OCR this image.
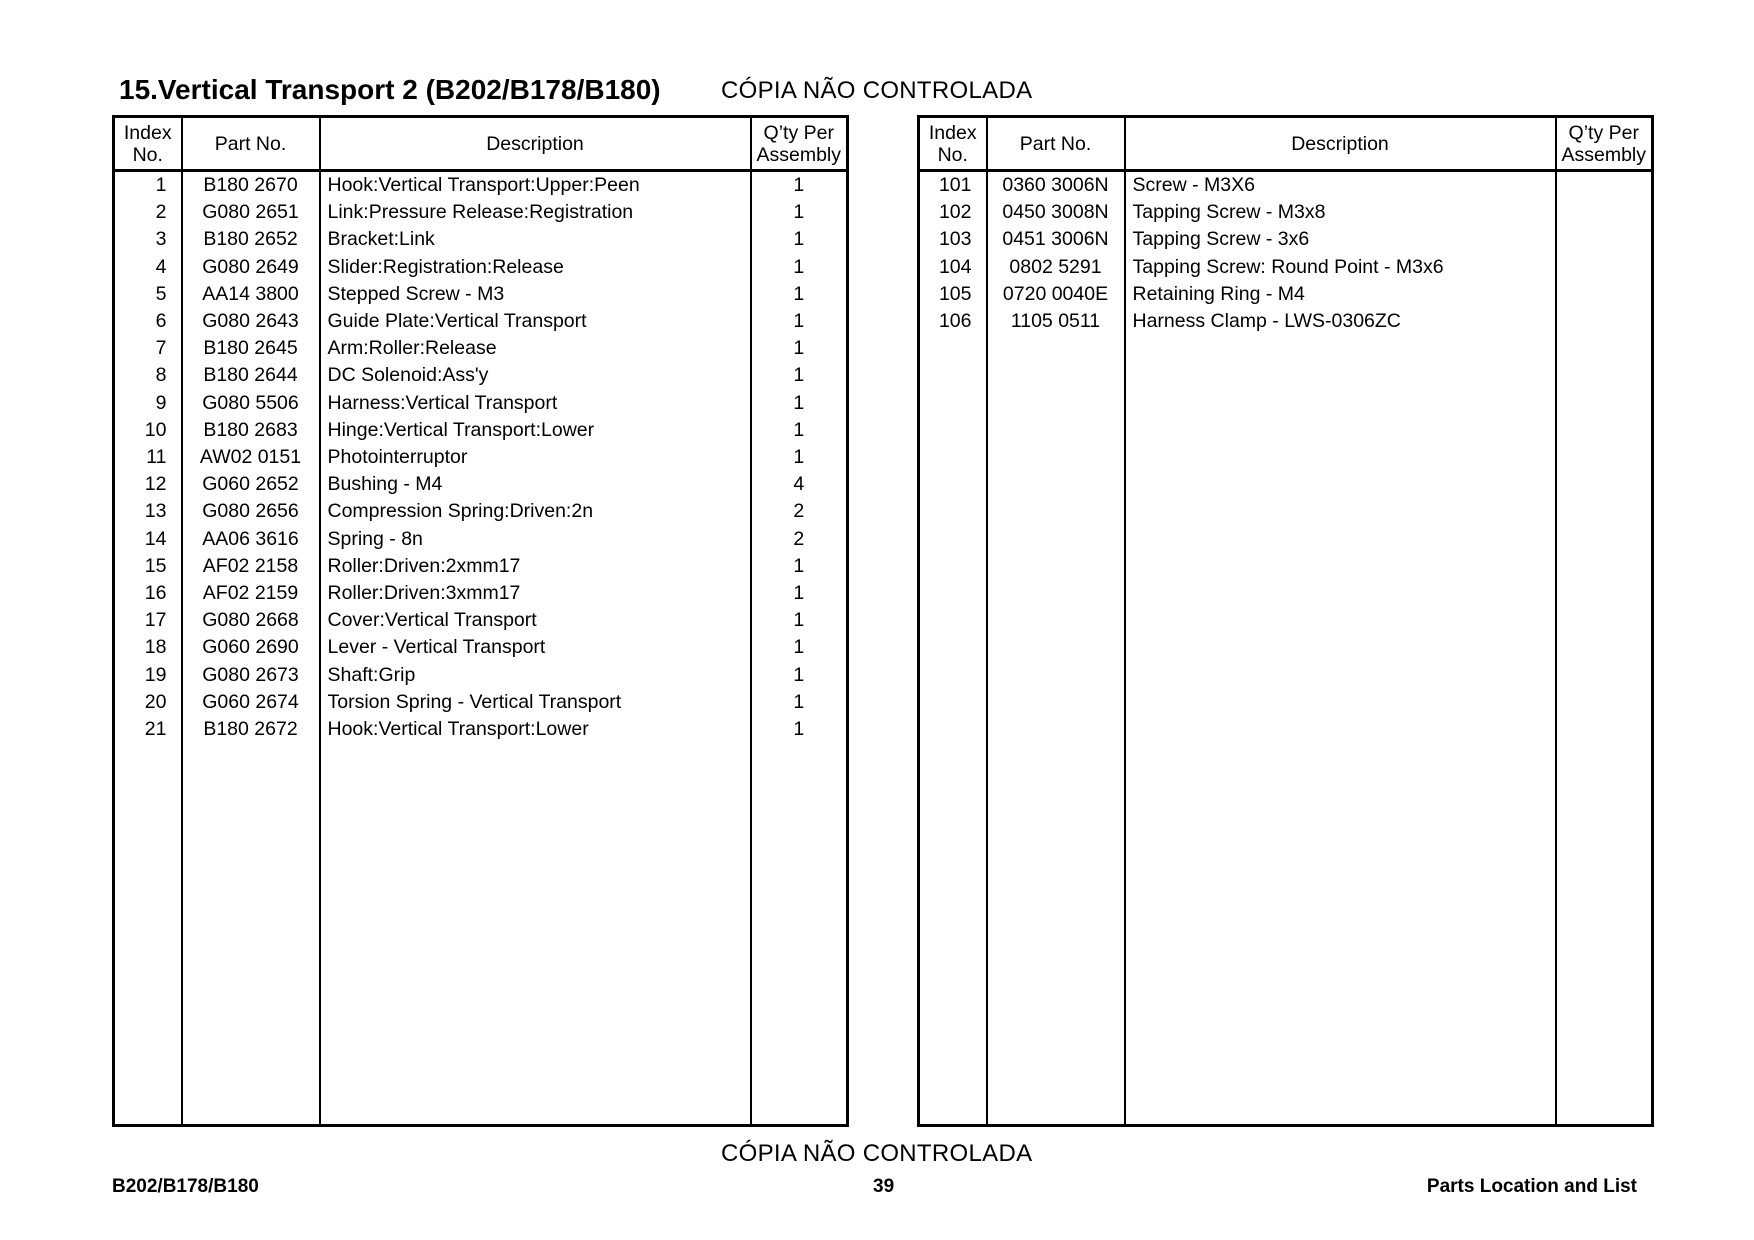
15.Vertical Transport 2 (B202/B178/B180)	CÓPIA NÃO CONTROLADA
Index
No.	Part No.	Description	Q’ty Per
Assembly
1	B180 2670	Hook:Vertical Transport:Upper:Peen	1
2	G080 2651	Link:Pressure Release:Registration	1
3	B180 2652	Bracket:Link	1
4	G080 2649	Slider:Registration:Release	1
5	AA14 3800	Stepped Screw - M3	1
6	G080 2643	Guide Plate:Vertical Transport	1
7	B180 2645	Arm:Roller:Release	1
8	B180 2644	DC Solenoid:Ass'y	1
9	G080 5506	Harness:Vertical Transport	1
10	B180 2683	Hinge:Vertical Transport:Lower	1
11	AW02 0151	Photointerruptor	1
12	G060 2652	Bushing - M4	4
13	G080 2656	Compression Spring:Driven:2n	2
14	AA06 3616	Spring - 8n	2
15	AF02 2158	Roller:Driven:2xmm17	1
16	AF02 2159	Roller:Driven:3xmm17	1
17	G080 2668	Cover:Vertical Transport	1
18	G060 2690	Lever - Vertical Transport	1
19	G080 2673	Shaft:Grip	1
20	G060 2674	Torsion Spring - Vertical Transport	1
21	B180 2672	Hook:Vertical Transport:Lower	1

Index
No.	Part No.	Description	Q’ty Per
Assembly
101	0360 3006N	Screw - M3X6	
102	0450 3008N	Tapping Screw - M3x8	
103	0451 3006N	Tapping Screw - 3x6	
104	0802 5291	Tapping Screw: Round Point - M3x6	
105	0720 0040E	Retaining Ring - M4	
106	1105 0511	Harness Clamp - LWS-0306ZC	

CÓPIA NÃO CONTROLADA
B202/B178/B180	39	Parts Location and List
